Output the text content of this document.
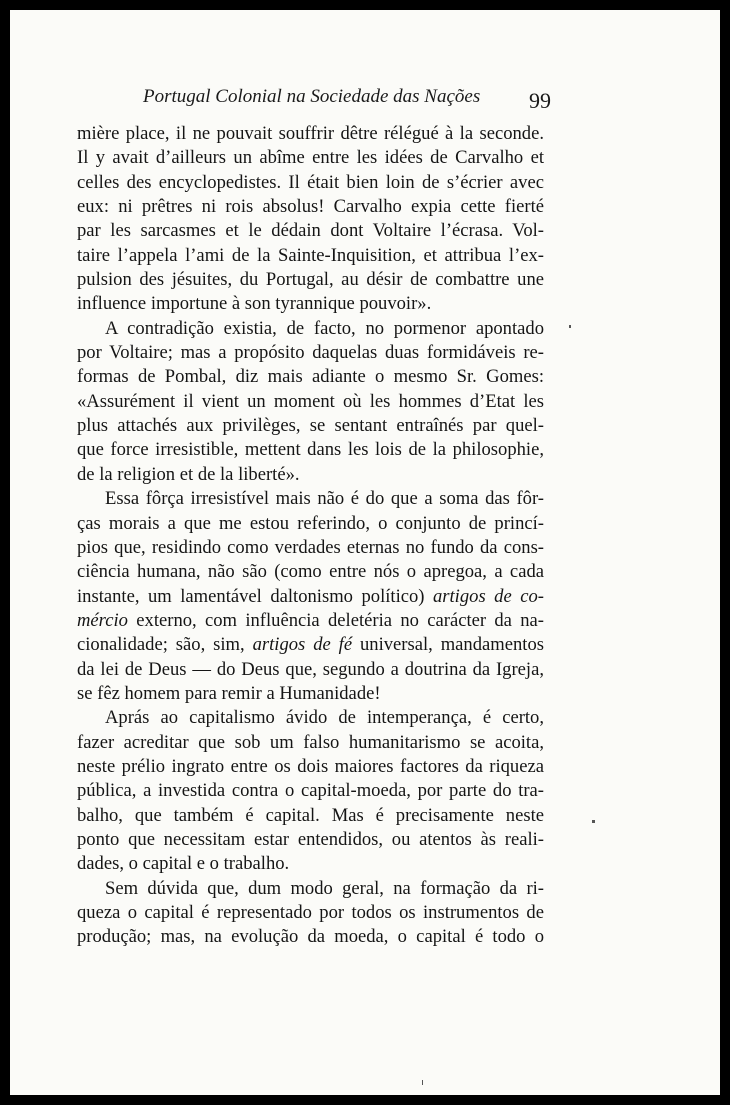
Portugal Colonial na Sociedade das Nações 99
mière place, il ne pouvait souffrir dêtre rélégué à la seconde.
Il y avait d’ailleurs un abîme entre les idées de Carvalho et
celles des encyclopedistes. Il était bien loin de s’écrier avec
eux: ni prêtres ni rois absolus! Carvalho expia cette fierté
par les sarcasmes et le dédain dont Voltaire l’écrasa. Vol-
taire l’appela l’ami de la Sainte-Inquisition, et attribua l’ex-
pulsion des jésuites, du Portugal, au désir de combattre une
influence importune à son tyrannique pouvoir».
A contradição existia, de facto, no pormenor apontado
por Voltaire; mas a propósito daquelas duas formidáveis re-
formas de Pombal, diz mais adiante o mesmo Sr. Gomes:
«Assurément il vient un moment où les hommes d’Etat les
plus attachés aux privilèges, se sentant entraînés par quel-
que force irresistible, mettent dans les lois de la philosophie,
de la religion et de la liberté».
Essa fôrça irresistível mais não é do que a soma das fôr-
ças morais a que me estou referindo, o conjunto de princí-
pios que, residindo como verdades eternas no fundo da cons-
ciência humana, não são (como entre nós o apregoa, a cada
instante, um lamentável daltonismo político) artigos de co-
mércio externo, com influência deletéria no carácter da na-
cionalidade; são, sim, artigos de fé universal, mandamentos
da lei de Deus — do Deus que, segundo a doutrina da Igreja,
se fêz homem para remir a Humanidade!
Aprás ao capitalismo ávido de intemperança, é certo,
fazer acreditar que sob um falso humanitarismo se acoita,
neste prélio ingrato entre os dois maiores factores da riqueza
pública, a investida contra o capital-moeda, por parte do tra-
balho, que também é capital. Mas é precisamente neste
ponto que necessitam estar entendidos, ou atentos às reali-
dades, o capital e o trabalho.
Sem dúvida que, dum modo geral, na formação da ri-
queza o capital é representado por todos os instrumentos de
produção; mas, na evolução da moeda, o capital é todo o
